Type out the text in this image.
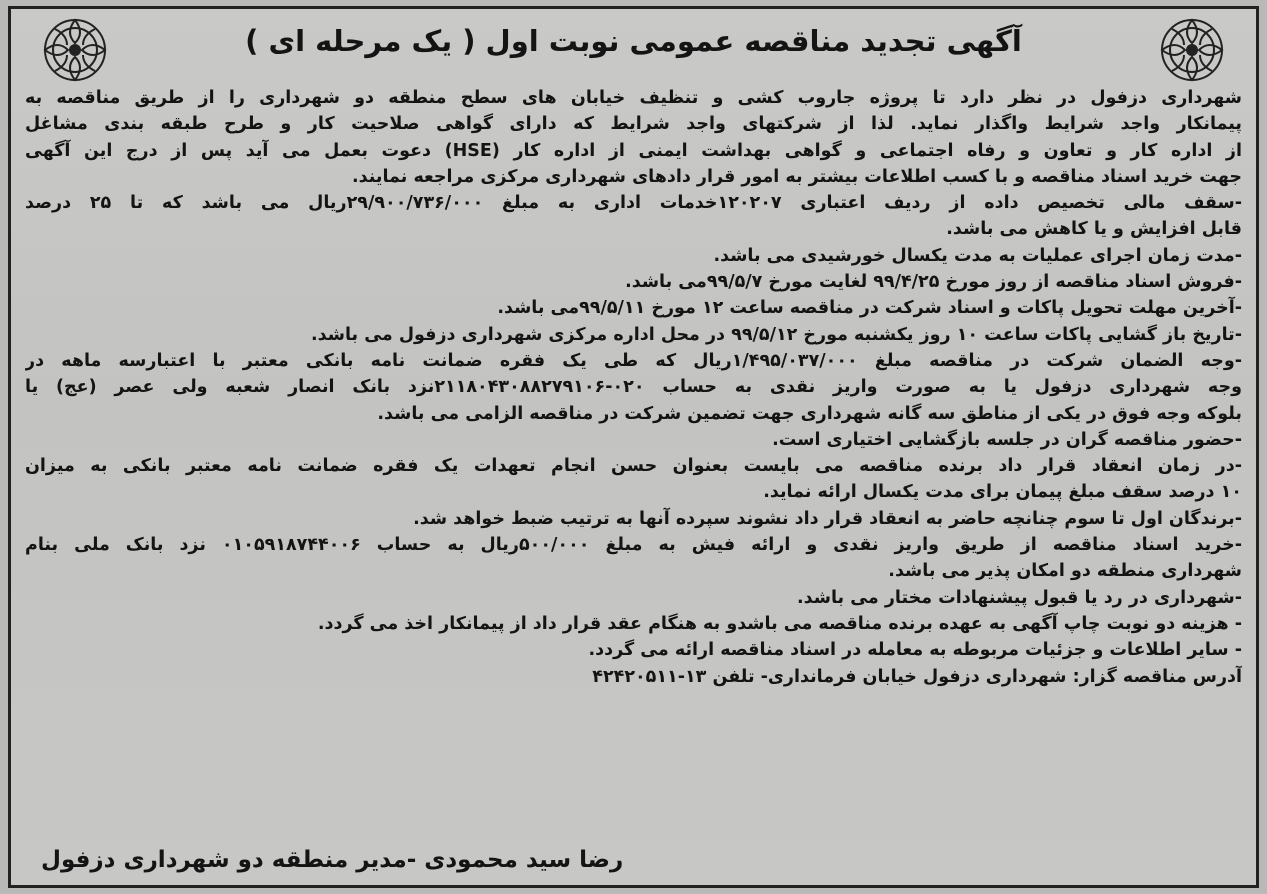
آگهی تجدید مناقصه عمومی نوبت اول ( یک مرحله ای )

شهرداری دزفول در نظر دارد تا پروژه جاروب کشی و تنظیف خیابان های سطح منطقه دو شهرداری را از طریق مناقصه به

پیمانکار واجد شرایط واگذار نماید. لذا از شرکتهای واجد شرایط که دارای گواهی صلاحیت کار و طرح طبقه بندی مشاغل

از اداره کار و تعاون و رفاه اجتماعی و گواهی بهداشت ایمنی از اداره کار (HSE) دعوت بعمل می آید پس از درج این آگهی

جهت خرید اسناد مناقصه و با کسب اطلاعات بیشتر به امور قرار دادهای شهرداری مرکزی مراجعه نمایند.

-سقف مالی تخصیص داده از ردیف اعتباری ۱۲۰۲۰۷خدمات اداری به مبلغ ۲۹/۹۰۰/۷۳۶/۰۰۰ریال می باشد که تا ۲۵ درصد

قابل افزایش و یا کاهش می باشد.

-مدت زمان اجرای عملیات به مدت یکسال خورشیدی می باشد.

-فروش اسناد مناقصه از روز مورخ ۹۹/۴/۲۵ لغایت مورخ ۹۹/۵/۷می باشد.

-آخرین مهلت تحویل پاکات و اسناد شرکت در مناقصه ساعت ۱۲ مورخ ۹۹/۵/۱۱می باشد.

-تاریخ باز گشایی پاکات ساعت ۱۰ روز یکشنبه مورخ ۹۹/۵/۱۲ در محل اداره مرکزی شهرداری دزفول می باشد.

-وجه الضمان شرکت در مناقصه مبلغ ۱/۴۹۵/۰۳۷/۰۰۰ریال که طی یک فقره ضمانت نامه بانکی معتبر با اعتبارسه ماهه در

وجه شهرداری دزفول یا به صورت واریز نقدی به حساب ۰۲۰-۲۱۱۸۰۴۳۰۸۸۲۷۹۱۰۶نزد بانک انصار شعبه ولی عصر (عج) یا

بلوکه وجه فوق در یکی از مناطق سه گانه شهرداری جهت تضمین شرکت در مناقصه الزامی می باشد.

-حضور مناقصه گران در جلسه بازگشایی اختیاری است.

-در زمان انعقاد قرار داد برنده مناقصه می بایست بعنوان حسن انجام تعهدات یک فقره ضمانت نامه معتبر بانکی به میزان

۱۰ درصد سقف مبلغ پیمان برای مدت یکسال ارائه نماید.

-برندگان اول تا سوم چنانچه حاضر به انعقاد قرار داد نشوند سپرده آنها به ترتیب ضبط خواهد شد.

-خرید اسناد مناقصه از طریق واریز نقدی و ارائه فیش به مبلغ ۵۰۰/۰۰۰ریال به حساب ۰۱۰۵۹۱۸۷۴۴۰۰۶ نزد بانک ملی بنام

شهرداری منطقه دو امکان پذیر می باشد.

-شهرداری در رد یا قبول پیشنهادات مختار می باشد.

- هزینه دو نوبت چاپ آگهی به عهده برنده مناقصه می باشدو به هنگام عقد قرار داد از پیمانکار اخذ می گردد.

- سایر اطلاعات و جزئیات مربوطه به معامله در اسناد مناقصه ارائه می گردد.

آدرس مناقصه گزار: شهرداری دزفول خیابان فرمانداری- تلفن ۱۳-۴۲۴۲۰۵۱۱

رضا سید محمودی -مدیر منطقه دو شهرداری دزفول
